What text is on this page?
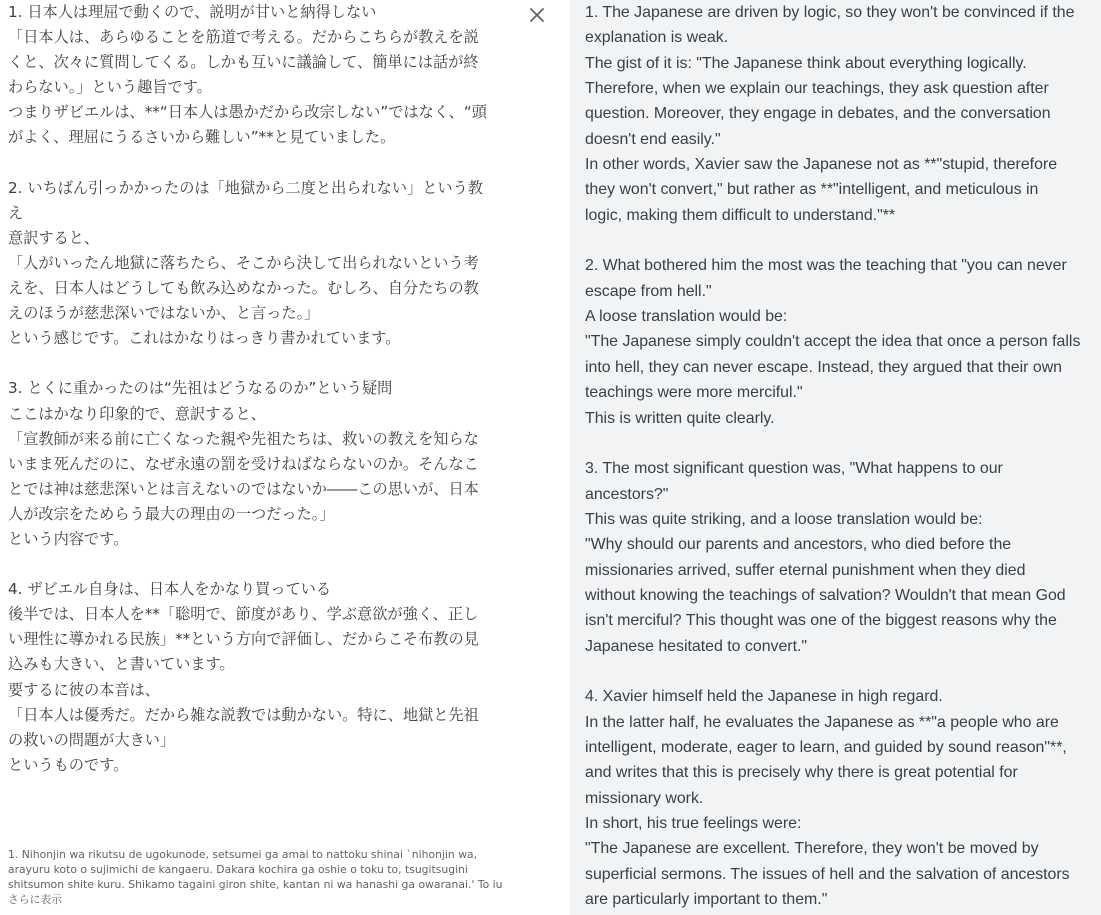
1. 日本人は理屈で動くので、説明が甘いと納得しない
「日本人は、あらゆることを筋道で考える。だからこちらが教えを説
くと、次々に質問してくる。しかも互いに議論して、簡単には話が終
わらない。」という趣旨です。
つまりザビエルは、**“日本人は愚かだから改宗しない”ではなく、“頭
がよく、理屈にうるさいから難しい”**と見ていました。
2. いちばん引っかかったのは「地獄から二度と出られない」という教
え
意訳すると、
「人がいったん地獄に落ちたら、そこから決して出られないという考
えを、日本人はどうしても飲み込めなかった。むしろ、自分たちの教
えのほうが慈悲深いではないか、と言った。」
という感じです。これはかなりはっきり書かれています。
3. とくに重かったのは“先祖はどうなるのか”という疑問
ここはかなり印象的で、意訳すると、
「宣教師が来る前に亡くなった親や先祖たちは、救いの教えを知らな
いまま死んだのに、なぜ永遠の罰を受けねばならないのか。そんなこ
とでは神は慈悲深いとは言えないのではないか――この思いが、日本
人が改宗をためらう最大の理由の一つだった。」
という内容です。
4. ザビエル自身は、日本人をかなり買っている
後半では、日本人を**「聡明で、節度があり、学ぶ意欲が強く、正し
い理性に導かれる民族」**という方向で評価し、だからこそ布教の見
込みも大きい、と書いています。
要するに彼の本音は、
「日本人は優秀だ。だから雑な説教では動かない。特に、地獄と先祖
の救いの問題が大きい」
というものです。
1. Nihonjin wa rikutsu de ugokunode, setsumei ga amai to nattoku shinai `nihonjin wa, arayuru koto o sujimichi de kangaeru. Dakara kochira ga oshie o toku to, tsugitsugini shitsumon shite kuru. Shikamo tagaini giron shite, kantan ni wa hanashi ga owaranai.' To iu
さらに表示
1. The Japanese are driven by logic, so they won't be convinced if the
explanation is weak.
The gist of it is: "The Japanese think about everything logically.
Therefore, when we explain our teachings, they ask question after
question. Moreover, they engage in debates, and the conversation
doesn't end easily."
In other words, Xavier saw the Japanese not as **"stupid, therefore
they won't convert," but rather as **"intelligent, and meticulous in
logic, making them difficult to understand."**
2. What bothered him the most was the teaching that "you can never
escape from hell."
A loose translation would be:
"The Japanese simply couldn't accept the idea that once a person falls
into hell, they can never escape. Instead, they argued that their own
teachings were more merciful."
This is written quite clearly.
3. The most significant question was, "What happens to our
ancestors?"
This was quite striking, and a loose translation would be:
"Why should our parents and ancestors, who died before the
missionaries arrived, suffer eternal punishment when they died
without knowing the teachings of salvation? Wouldn't that mean God
isn't merciful? This thought was one of the biggest reasons why the
Japanese hesitated to convert."
4. Xavier himself held the Japanese in high regard.
In the latter half, he evaluates the Japanese as **"a people who are
intelligent, moderate, eager to learn, and guided by sound reason"**,
and writes that this is precisely why there is great potential for
missionary work.
In short, his true feelings were:
"The Japanese are excellent. Therefore, they won't be moved by
superficial sermons. The issues of hell and the salvation of ancestors
are particularly important to them."
